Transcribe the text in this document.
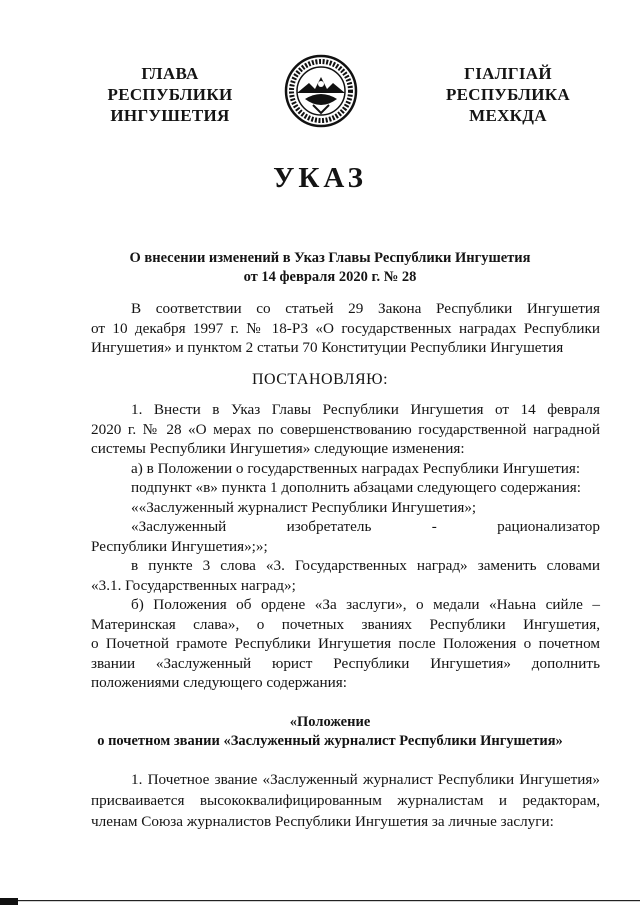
ГЛАВА
РЕСПУБЛИКИ
ИНГУШЕТИЯ
ГIАЛГIАЙ
РЕСПУБЛИКА
МЕХКДА
УКАЗ
О внесении изменений в Указ Главы Республики Ингушетия
от 14 февраля 2020 г. № 28
В соответствии со статьей 29 Закона Республики Ингушетия
от 10 декабря 1997 г. № 18-РЗ «О государственных наградах Республики
Ингушетия» и пунктом 2 статьи 70 Конституции Республики Ингушетия
ПОСТАНОВЛЯЮ:
1. Внести в Указ Главы Республики Ингушетия от 14 февраля
2020 г. № 28 «О мерах по совершенствованию государственной наградной
системы Республики Ингушетия» следующие изменения:
а) в Положении о государственных наградах Республики Ингушетия:
подпункт «в» пункта 1 дополнить абзацами следующего содержания:
««Заслуженный журналист Республики Ингушетия»;
«Заслуженный	изобретатель	-	рационализатор
Республики Ингушетия»;»;
в пункте 3 слова «3. Государственных наград» заменить словами
«3.1. Государственных наград»;
б) Положения об ордене «За заслуги», о медали «Наьна сийле –
Материнская слава», о почетных званиях Республики Ингушетия,
о Почетной грамоте Республики Ингушетия после Положения о почетном
звании «Заслуженный юрист Республики Ингушетия» дополнить
положениями следующего содержания:
«Положение
о почетном звании «Заслуженный журналист Республики Ингушетия»
1. Почетное звание «Заслуженный журналист Республики Ингушетия»
присваивается высококвалифицированным журналистам и редакторам,
членам Союза журналистов Республики Ингушетия за личные заслуги:
